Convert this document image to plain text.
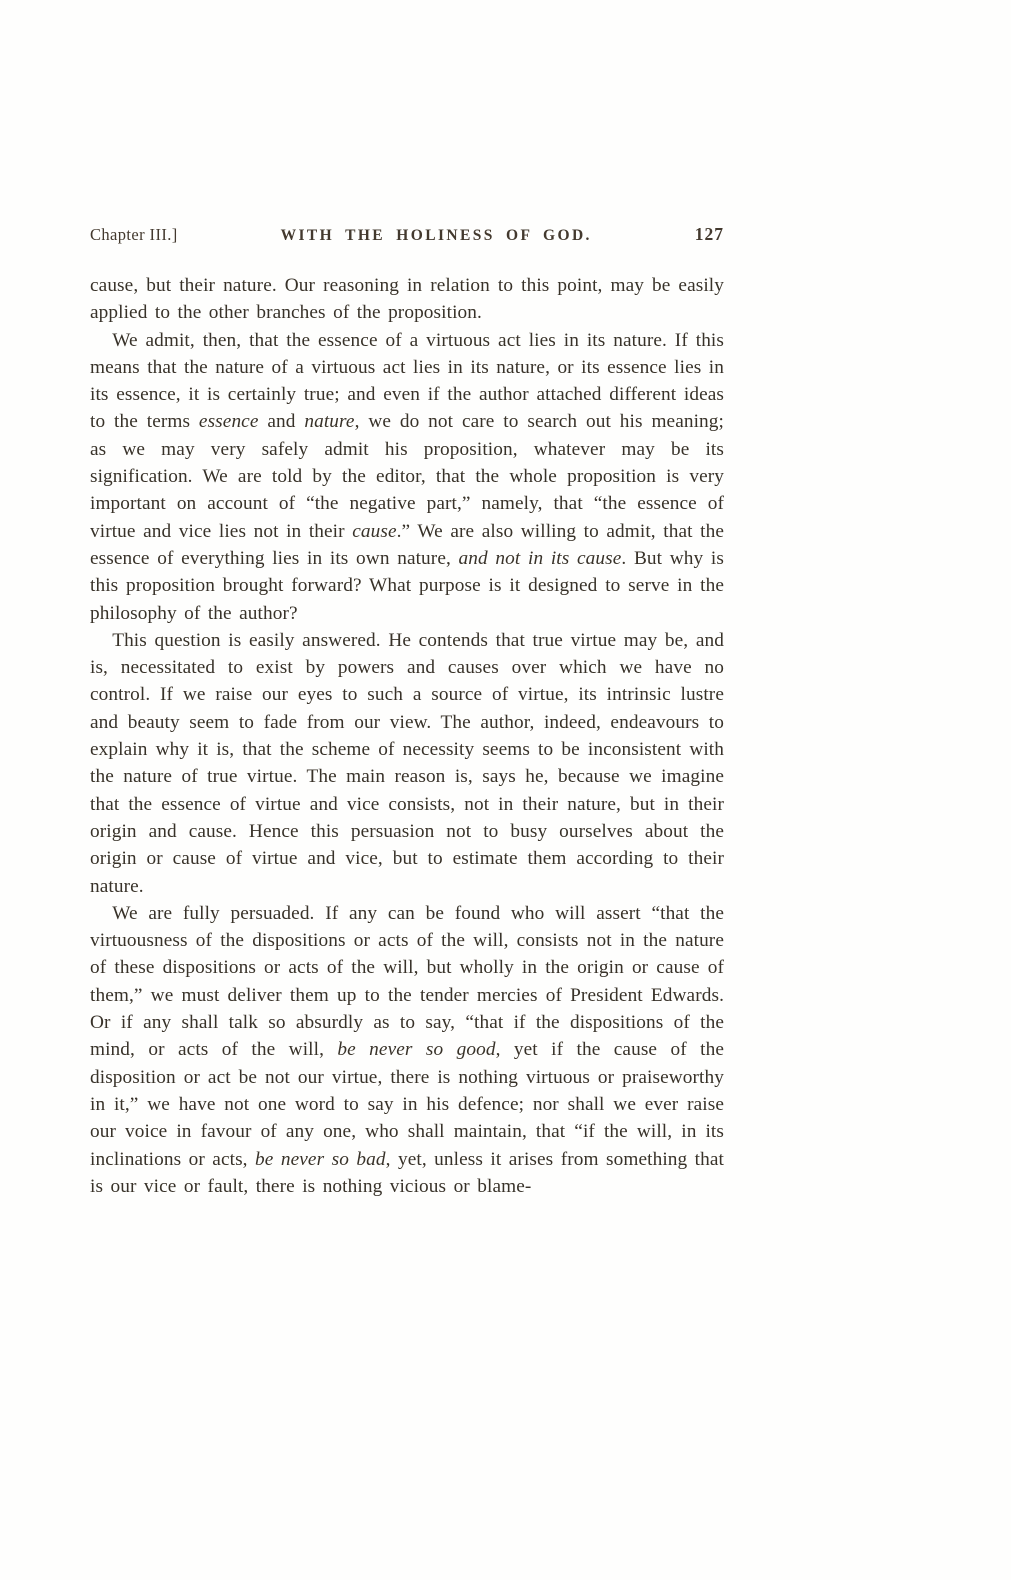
Chapter III.]	WITH THE HOLINESS OF GOD.	127

cause, but their nature. Our reasoning in relation to this point, may be easily applied to the other branches of the proposition.

We admit, then, that the essence of a virtuous act lies in its nature. If this means that the nature of a virtuous act lies in its nature, or its essence lies in its essence, it is certainly true; and even if the author attached different ideas to the terms essence and nature, we do not care to search out his meaning; as we may very safely admit his proposition, whatever may be its signification. We are told by the editor, that the whole proposition is very important on account of “the negative part,” namely, that “the essence of virtue and vice lies not in their cause.” We are also willing to admit, that the essence of everything lies in its own nature, and not in its cause. But why is this proposition brought forward? What purpose is it designed to serve in the philosophy of the author?

This question is easily answered. He contends that true virtue may be, and is, necessitated to exist by powers and causes over which we have no control. If we raise our eyes to such a source of virtue, its intrinsic lustre and beauty seem to fade from our view. The author, indeed, endeavours to explain why it is, that the scheme of necessity seems to be inconsistent with the nature of true virtue. The main reason is, says he, because we imagine that the essence of virtue and vice consists, not in their nature, but in their origin and cause. Hence this persuasion not to busy ourselves about the origin or cause of virtue and vice, but to estimate them according to their nature.

We are fully persuaded. If any can be found who will assert “that the virtuousness of the dispositions or acts of the will, consists not in the nature of these dispositions or acts of the will, but wholly in the origin or cause of them,” we must deliver them up to the tender mercies of President Edwards. Or if any shall talk so absurdly as to say, “that if the dispositions of the mind, or acts of the will, be never so good, yet if the cause of the disposition or act be not our virtue, there is nothing virtuous or praiseworthy in it,” we have not one word to say in his defence; nor shall we ever raise our voice in favour of any one, who shall maintain, that “if the will, in its inclinations or acts, be never so bad, yet, unless it arises from something that is our vice or fault, there is nothing vicious or blame-
